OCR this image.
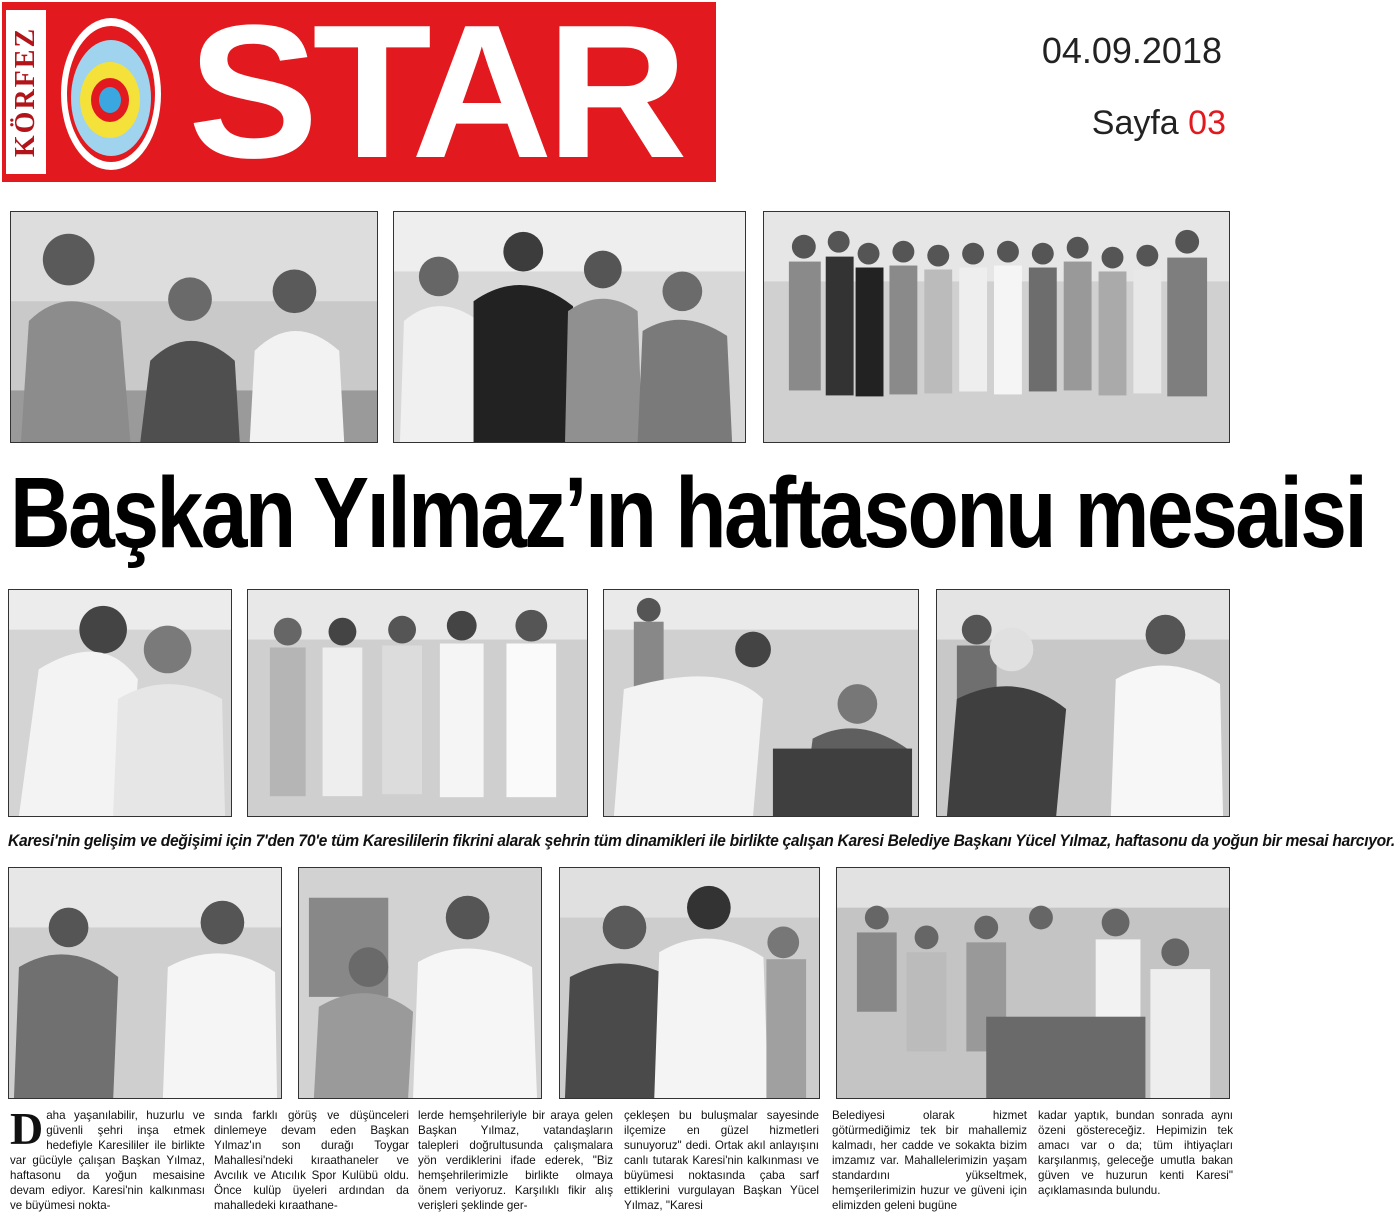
KÖRFEZ STAR	04.09.2018
Sayfa 03
Başkan Yılmaz’ın haftasonu mesaisi
Karesi'nin gelişim ve değişimi için 7'den 70'e tüm Karesililerin fikrini alarak şehrin tüm dinamikleri ile birlikte çalışan Karesi Belediye Başkanı Yücel Yılmaz, haftasonu da yoğun bir mesai harcıyor.
Daha yaşanılabilir, huzurlu ve güvenli şehri inşa etmek hedefiyle Karesililer ile birlikte var gücüyle çalışan Başkan Yılmaz, haftasonu da yoğun mesaisine devam ediyor. Karesi'nin kalkınması ve büyümesi nokta-
sında farklı görüş ve düşünceleri dinlemeye devam eden Başkan Yılmaz'ın son durağı Toygar Mahallesi'ndeki kıraathaneler ve Avcılık ve Atıcılık Spor Kulübü oldu. Önce kulüp üyeleri ardından da mahalledeki kıraathane-
lerde hemşehrileriyle bir araya gelen Başkan Yılmaz, vatandaşların talepleri doğrultusunda çalışmalara yön verdiklerini ifade ederek, "Biz hemşehrilerimizle birlikte olmaya önem veriyoruz. Karşılıklı fikir alış verişleri şeklinde ger-
çekleşen bu buluşmalar sayesinde ilçemize en güzel hizmetleri sunuyoruz" dedi. Ortak akıl anlayışını canlı tutarak Karesi'nin kalkınması ve büyümesi noktasında çaba sarf ettiklerini vurgulayan Başkan Yücel Yılmaz, "Karesi
Belediyesi olarak hizmet götürmediğimiz tek bir mahallemiz kalmadı, her cadde ve sokakta bizim imzamız var. Mahallelerimizin yaşam standardını yükseltmek, hemşerilerimizin huzur ve güveni için elimizden geleni bugüne
kadar yaptık, bundan sonrada aynı özeni göstereceğiz. Hepimizin tek amacı var o da; tüm ihtiyaçları karşılanmış, geleceğe umutla bakan güven ve huzurun kenti Karesi" açıklamasında bulundu.
